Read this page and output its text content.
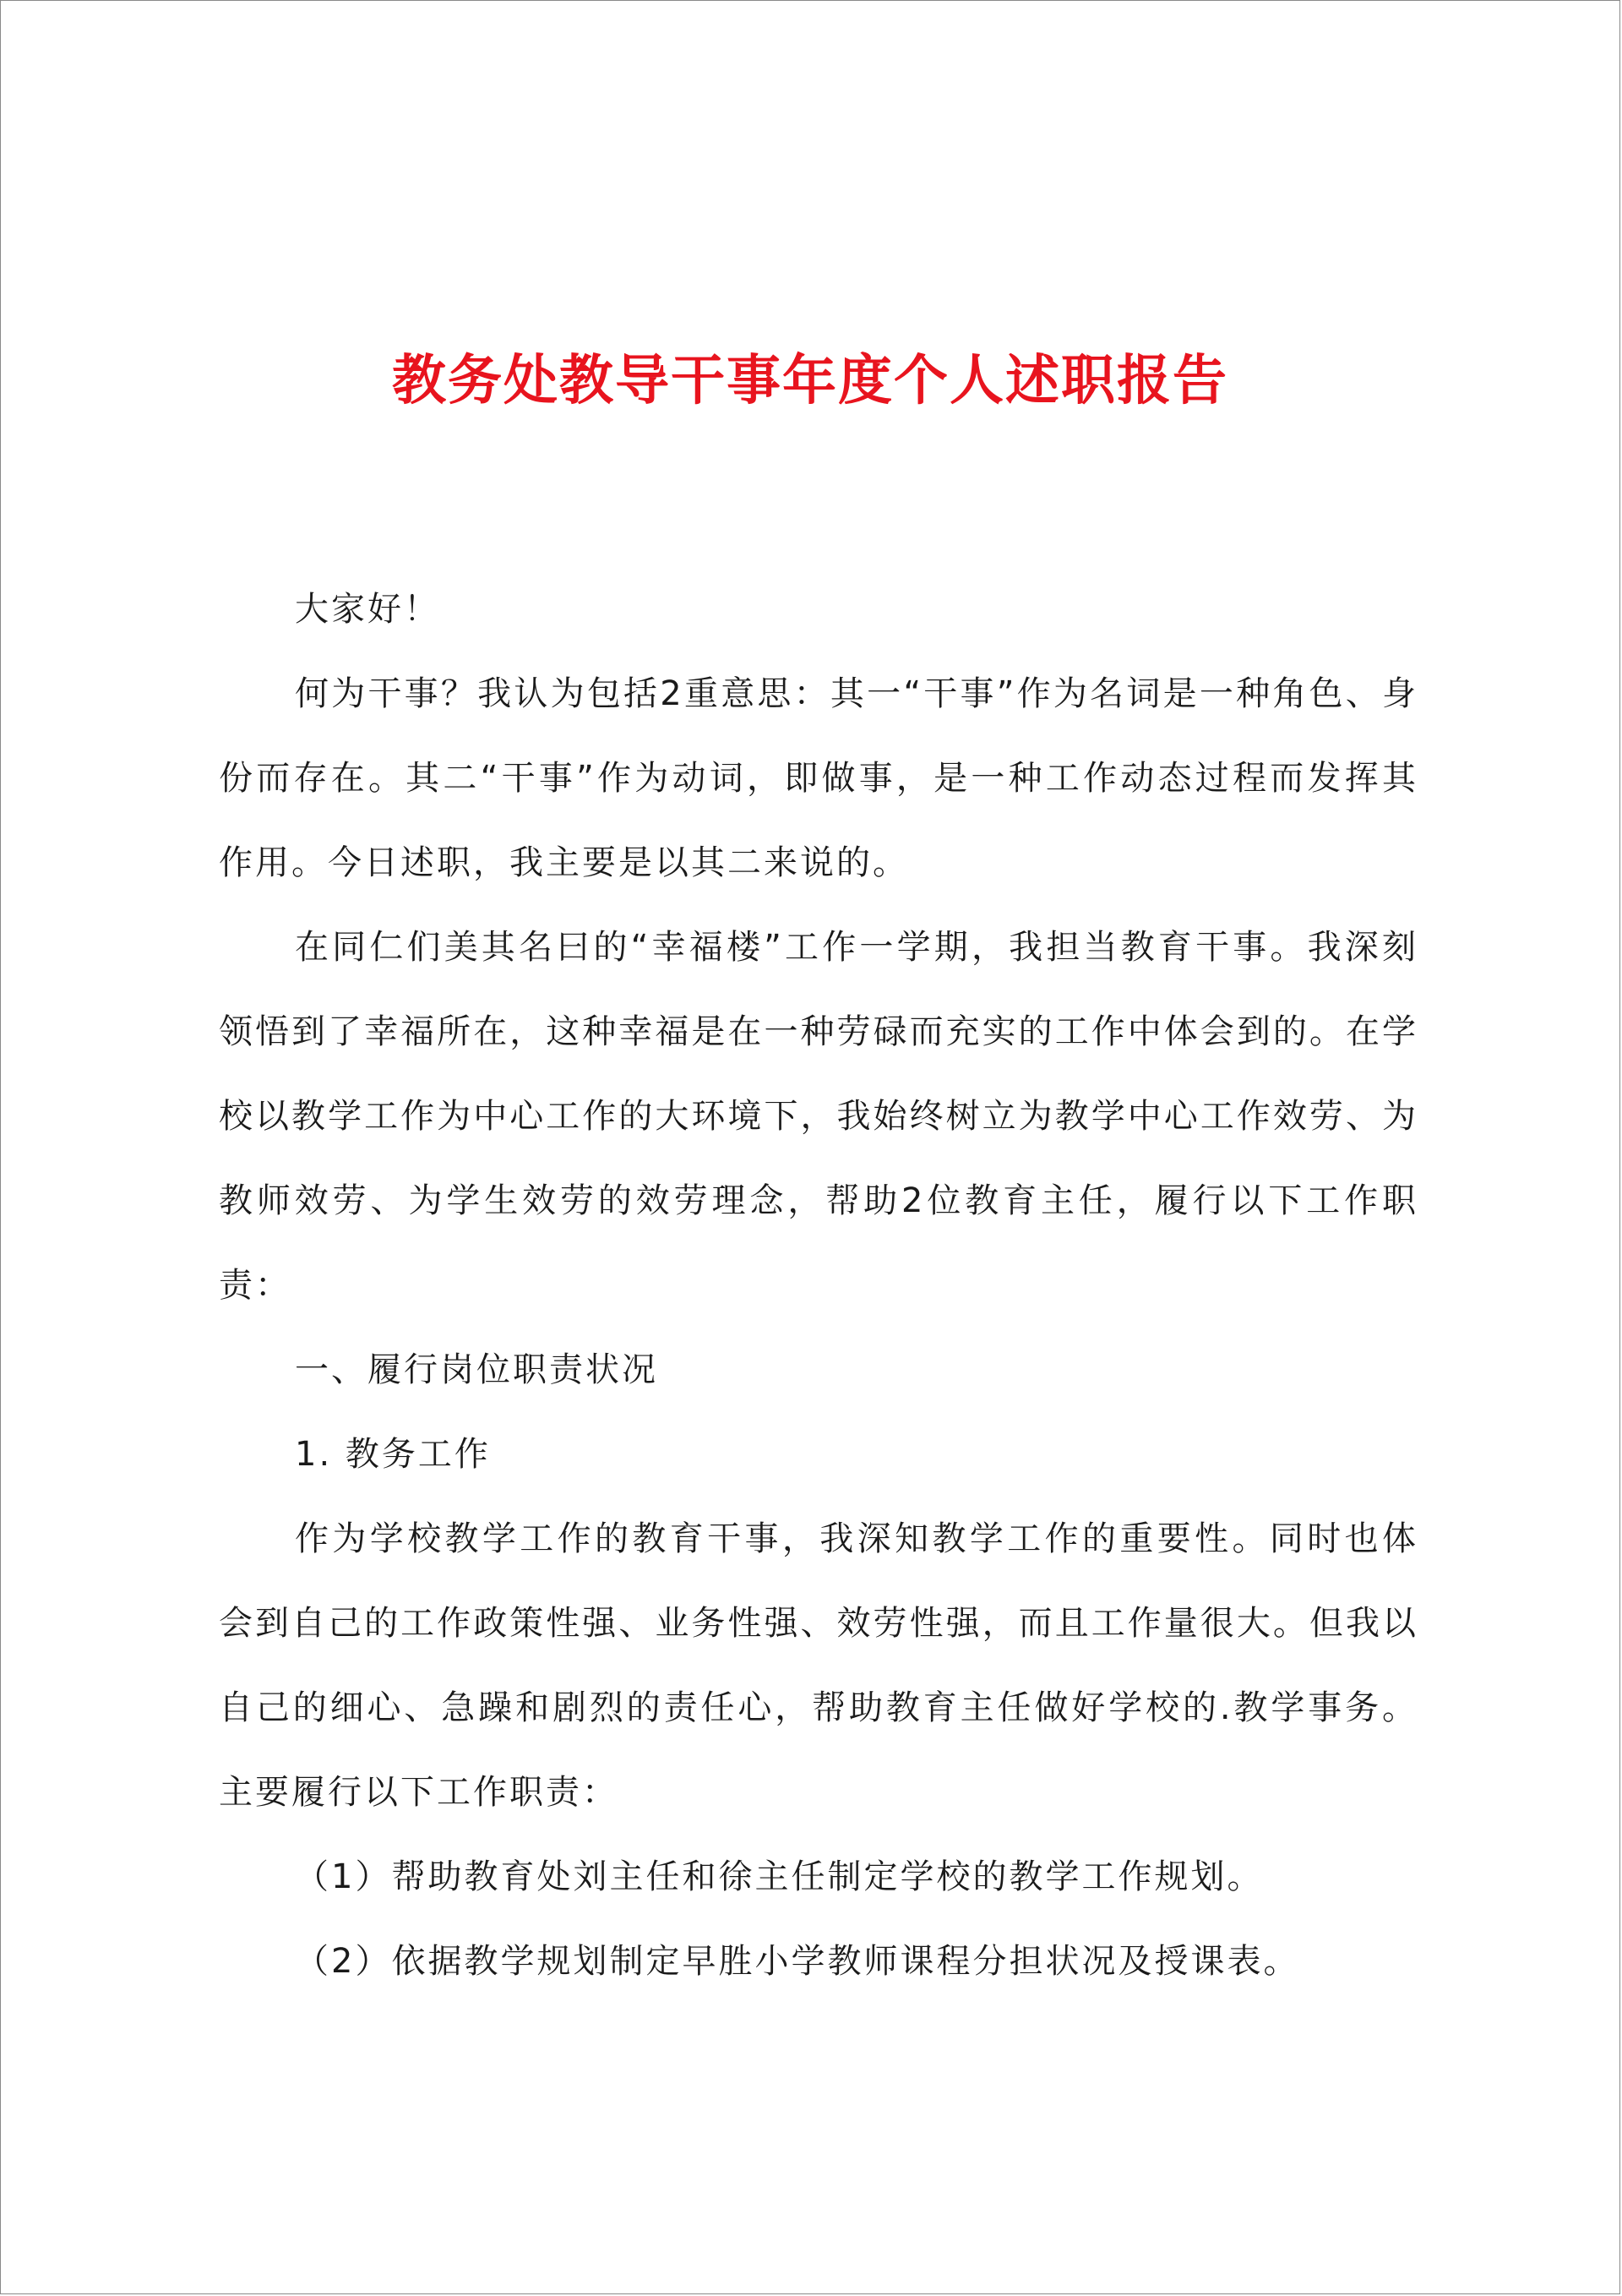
教务处教导干事年度个人述职报告

大家好！

何为干事？我认为包括2重意思：其一“干事”作为名词是一种角色、身份而存在。其二“干事”作为动词，即做事，是一种工作动态过程而发挥其作用。今日述职，我主要是以其二来说的。

在同仁们美其名曰的“幸福楼”工作一学期，我担当教育干事。我深刻领悟到了幸福所在，这种幸福是在一种劳碌而充实的工作中体会到的。在学校以教学工作为中心工作的大环境下，我始终树立为教学中心工作效劳、为教师效劳、为学生效劳的效劳理念，帮助2位教育主任，履行以下工作职责：

一、履行岗位职责状况

1. 教务工作

作为学校教学工作的教育干事，我深知教学工作的重要性。同时也体会到自己的工作政策性强、业务性强、效劳性强，而且工作量很大。但我以自己的细心、急躁和剧烈的责任心，帮助教育主任做好学校的.教学事务。主要履行以下工作职责：

（1）帮助教育处刘主任和徐主任制定学校的教学工作规划。

（2）依据教学规划制定早胜小学教师课程分担状况及授课表。
